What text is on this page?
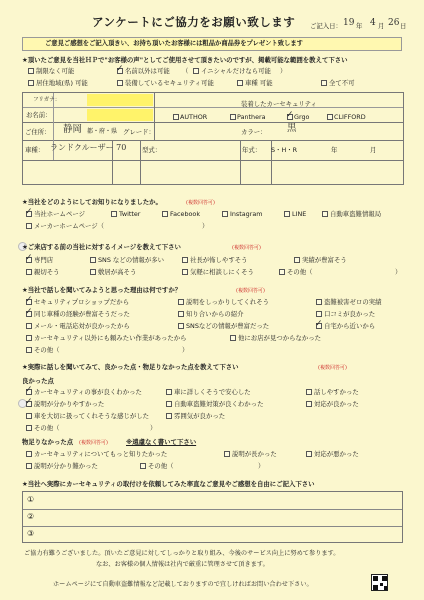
アンケートにご協力をお願い致します ご記入日： 19 年 4 月 26 日
ご意見ご感想をご記入頂きい、お持ち頂いたお客様には粗品か商品券をプレゼント致します
★頂いたご意見を当社ＨＰで"お客様の声"としてご使用させて頂きたいのですが、掲載可能な範囲を教えて下さい
制限なく可能	✓ 名前以外は可能 （ イニシャルだけなら可能 ）
居住地域(県) 可能	装備しているセキュリティ可能	車種 可能	全て不可
フリガナ：
お名前：
装着したカーセキュリティ
AUTHOR	Panthera ✓ Grgo	CLIFFORD
ご住所： 静岡 都・府・県 グレード：	カラー： 黒
車種： ランドクルーザー 70 型式：	年式： S・H・R	年	月
★当社をどのようにしてお知りになりましたか。	(複数回答可)
✓ 当社ホームページ	Twitter	Facebook	Instagram	LINE	自動車盗難情報局
メーカーホームページ（	）
★ご来店する前の当社に対するイメージを教えて下さい	(複数回答可)
✓ 専門店	SNS などの情報が多い	社長が怖しやすそう	実績が豊富そう
親切そう	敷居が高そう	気軽に相談しにくそう	その他（	）
★当社で話しを聞いてみようと思った理由は何ですか？	(複数回答可)
✓ セキュリティプロショップだから	説明をしっかりしてくれそう	盗難被害ゼロの実績
✓ 同じ車種の経験が豊富そうだった	知り合いからの紹介	口コミが良かった
メール・電話応対が良かったから	SNSなどの情報が豊富だった	✓ 自宅から近いから
カーセキュリティ以外にも頼みたい作業があったから	他にお店が見つからなかった
その他（	）
★実際に話しを聞いてみて、良かった点・物足りなかった点を教えて下さい	(複数回答可)
良かった点
✓ カーセキュリティの事が良くわかった	車に詳しくそうで安心した	話しやすかった
✓ 説明が分かりやすかった	自動車盗難対策が良くわかった	対応が良かった
車を大切に扱ってくれそうな感じがした	雰囲気が良かった
その他（	）
物足りなかった点 (複数回答可)	※遠慮なく書いて下さい
カーセキュリティについてもっと知りたかった	説明が長かった	対応が悪かった
説明が分かり難かった	その他（	）
★当社へ実際にカーセキュリティの取付けを依頼してみた率直なご意見やご感想を自由にご記入下さい
①
②
③
ご協力有難うございました。頂いたご意見に対してしっかりと取り組み、今後のサービス向上に努めて参ります。
なお、お客様の個人情報は社内で厳重に管理させて頂きます。
ホームページにて自動車盗難情報など記載しておりますので宜しければお問い合わせ下さい。
